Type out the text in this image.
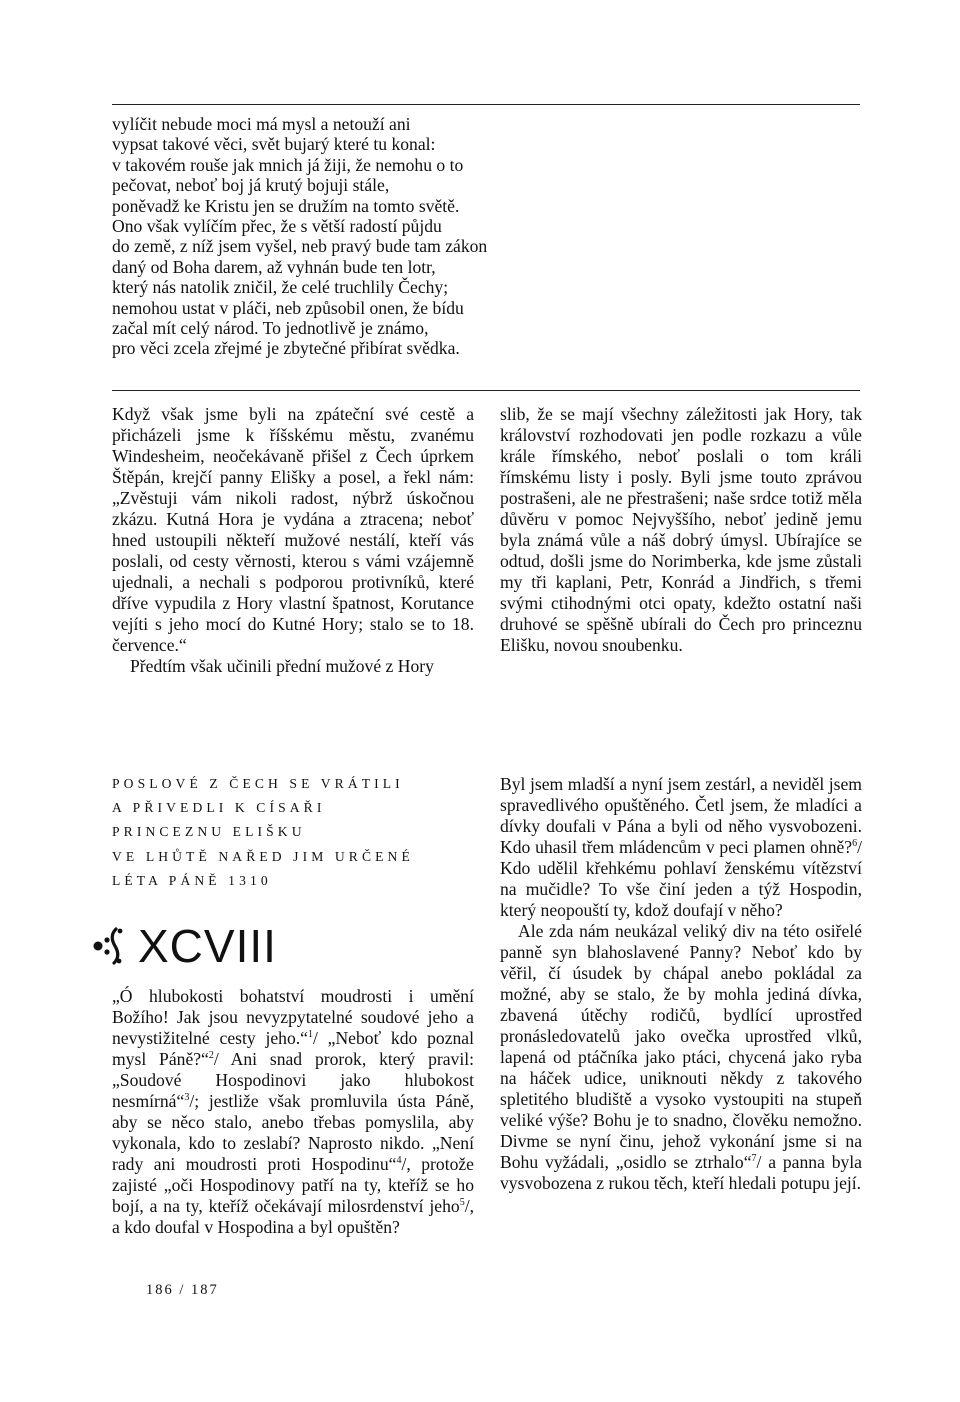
vylíčit nebude moci má mysl a netouží ani
vypsat takové věci, svět bujarý které tu konal:
v takovém rouše jak mnich já žiji, že nemohu o to
pečovat, neboť boj já krutý bojuji stále,
poněvadž ke Kristu jen se družím na tomto světě.
Ono však vylíčím přec, že s větší radostí půjdu
do země, z níž jsem vyšel, neb pravý bude tam zákon
daný od Boha darem, až vyhnán bude ten lotr,
který nás natolik zničil, že celé truchlily Čechy;
nemohou ustat v pláči, neb způsobil onen, že bídu
začal mít celý národ. To jednotlivě je známo,
pro věci zcela zřejmé je zbytečné přibírat svědka.

Když však jsme byli na zpáteční své cestě a přicházeli jsme k říšskému městu, zvanému Windesheim, neočekávaně přišel z Čech úprkem Štěpán, krejčí panny Elišky a posel, a řekl nám: „Zvěstuji vám nikoli radost, nýbrž úskočnou zkázu. Kutná Hora je vydána a ztracena; neboť hned ustoupili někteří mužové nestálí, kteří vás poslali, od cesty věrnosti, kterou s vámi vzájemně ujednali, a nechali s podporou protivníků, které dříve vypudila z Hory vlastní špatnost, Korutance vejíti s jeho mocí do Kutné Hory; stalo se to 18. července.“

Předtím však učinili přední mužové z Hory

slib, že se mají všechny záležitosti jak Hory, tak království rozhodovati jen podle rozkazu a vůle krále římského, neboť poslali o tom králi římskému listy i posly. Byli jsme touto zprávou postrašeni, ale ne přestrašeni; naše srdce totiž měla důvěru v pomoc Nejvyššího, neboť jedině jemu byla známá vůle a náš dobrý úmysl. Ubírajíce se odtud, došli jsme do Norimberka, kde jsme zůstali my tři kaplani, Petr, Konrád a Jindřich, s třemi svými ctihodnými otci opaty, kdežto ostatní naši druhové se spěšně ubírali do Čech pro princeznu Elišku, novou snoubenku.

POSLOVÉ Z ČECH SE VRÁTILI
A PŘIVEDLI K CÍSAŘI
PRINCEZNU ELIŠKU
VE LHŮTĚ NAŘED JIM URČENÉ
LÉTA PÁNĚ 1310
XCVIII

„Ó hlubokosti bohatství moudrosti i umění Božího! Jak jsou nevyzpytatelné soudové jeho a nevystižitelné cesty jeho.“$^1$/ „Neboť kdo poznal mysl Páně?“$^2$/ Ani snad prorok, který pravil: „Soudové Hospodinovi jako hlubokost nesmírná“$^3$/; jestliže však promluvila ústa Páně, aby se něco stalo, anebo třebas pomyslila, aby vykonala, kdo to zeslabí? Naprosto nikdo. „Není rady ani moudrosti proti Hospodinu“$^4$/, protože zajisté „oči Hospodinovy patří na ty, kteříž se ho bojí, a na ty, kteříž očekávají milosrdenství jeho$^5$/, a kdo doufal v Hospodina a byl opuštěn?

Byl jsem mladší a nyní jsem zestárl, a neviděl jsem spravedlivého opuštěného. Četl jsem, že mladíci a dívky doufali v Pána a byli od něho vysvobozeni. Kdo uhasil třem mládencům v peci plamen ohně?$^6$/ Kdo udělil křehkému pohlaví ženskému vítězství na mučidle? To vše činí jeden a týž Hospodin, který neopouští ty, kdož doufají v něho?

Ale zda nám neukázal veliký div na této osiřelé panně syn blahoslavené Panny? Neboť kdo by věřil, čí úsudek by chápal anebo pokládal za možné, aby se stalo, že by mohla jediná dívka, zbavená útěchy rodičů, bydlící uprostřed pronásledovatelů jako ovečka uprostřed vlků, lapená od ptáčníka jako ptáci, chycená jako ryba na háček udice, uniknouti někdy z takového spletitého bludiště a vysoko vystoupiti na stupeň veliké výše? Bohu je to snadno, člověku nemožno. Divme se nyní činu, jehož vykonání jsme si na Bohu vyžádali, „osidlo se ztrhalo“$^7$/ a panna byla vysvobozena z rukou těch, kteří hledali potupu její.

186 / 187
